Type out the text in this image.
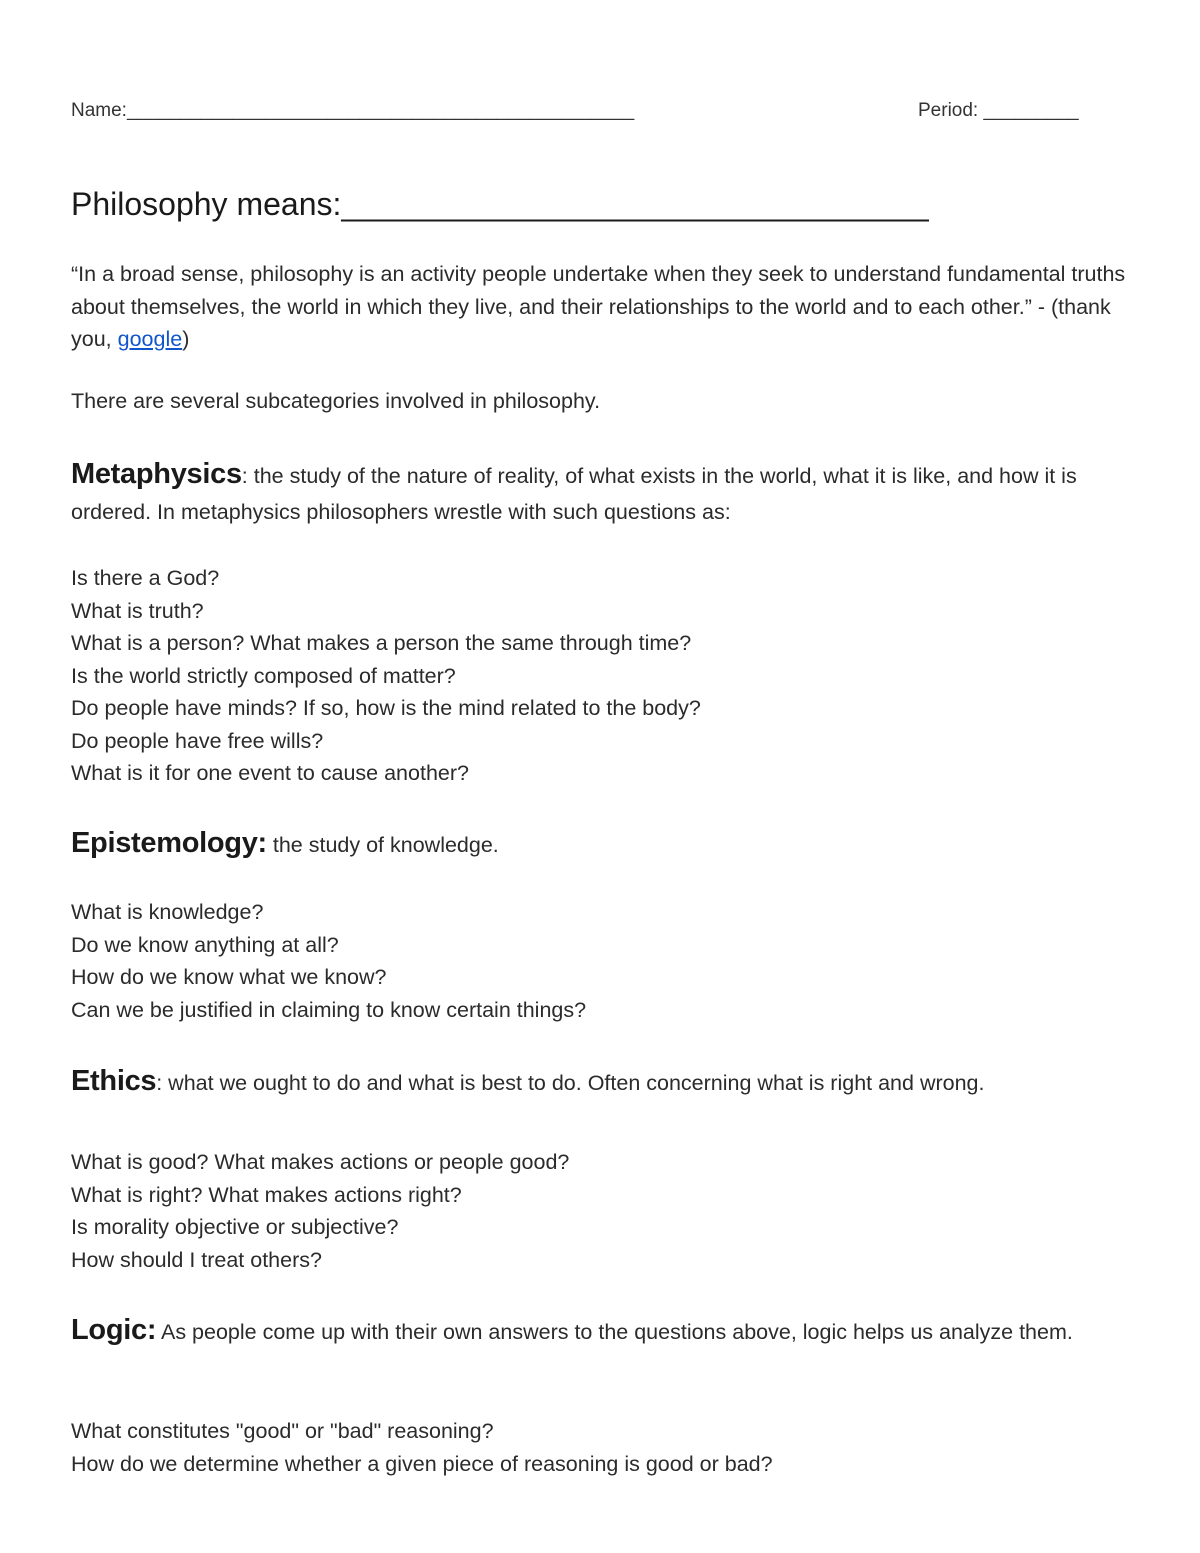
Name:________________________________________________	Period: _________
Philosophy means:_________________________________
“In a broad sense, philosophy is an activity people undertake when they seek to understand fundamental truths about themselves, the world in which they live, and their relationships to the world and to each other.” - (thank you, google)
There are several subcategories involved in philosophy.
Metaphysics: the study of the nature of reality, of what exists in the world, what it is like, and how it is ordered. In metaphysics philosophers wrestle with such questions as:
Is there a God?
What is truth?
What is a person? What makes a person the same through time?
Is the world strictly composed of matter?
Do people have minds? If so, how is the mind related to the body?
Do people have free wills?
What is it for one event to cause another?
Epistemology: the study of knowledge.
What is knowledge?
Do we know anything at all?
How do we know what we know?
Can we be justified in claiming to know certain things?
Ethics: what we ought to do and what is best to do. Often concerning what is right and wrong.
What is good? What makes actions or people good?
What is right? What makes actions right?
Is morality objective or subjective?
How should I treat others?
Logic: As people come up with their own answers to the questions above, logic helps us analyze them.
What constitutes "good" or "bad" reasoning?
How do we determine whether a given piece of reasoning is good or bad?
